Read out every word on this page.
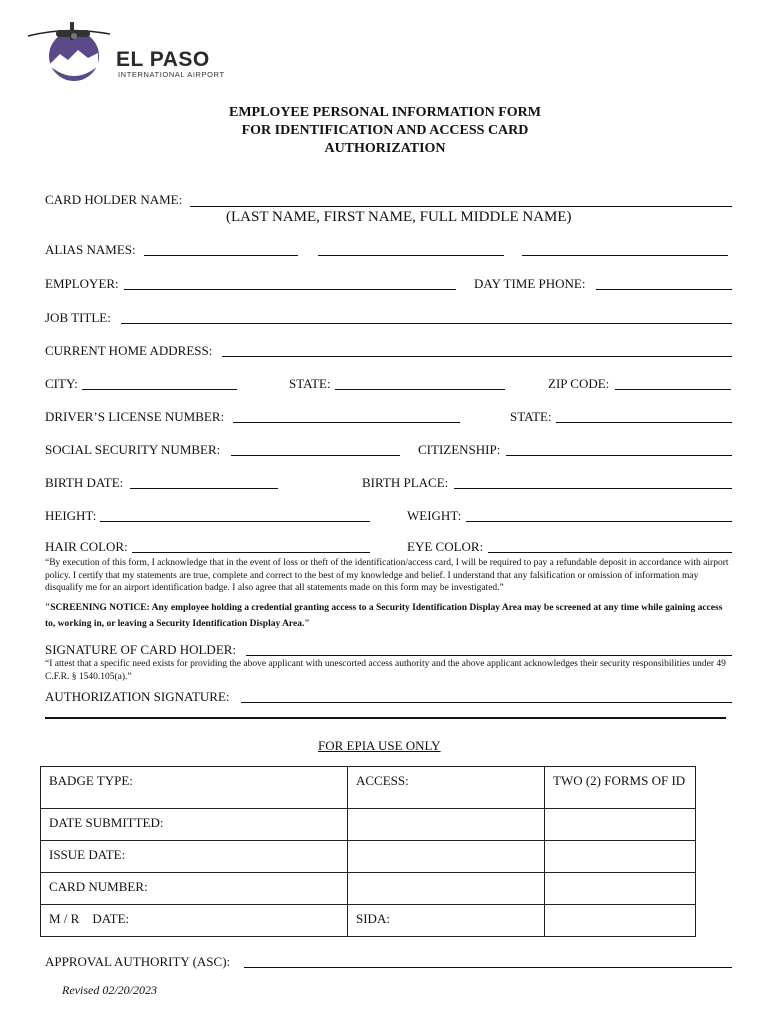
EL PASO
INTERNATIONAL AIRPORT
EMPLOYEE PERSONAL INFORMATION FORM
FOR IDENTIFICATION AND ACCESS CARD
AUTHORIZATION
CARD HOLDER NAME:
(LAST NAME, FIRST NAME, FULL MIDDLE NAME)
ALIAS NAMES:
EMPLOYER:	DAY TIME PHONE:
JOB TITLE:
CURRENT HOME ADDRESS:
CITY:	STATE:	ZIP CODE:
DRIVER’S LICENSE NUMBER:	STATE:
SOCIAL SECURITY NUMBER:	CITIZENSHIP:
BIRTH DATE:	BIRTH PLACE:
HEIGHT:	WEIGHT:
HAIR COLOR:	EYE COLOR:
“By execution of this form, I acknowledge that in the event of loss or theft of the identification/access card, I will be required to pay a refundable deposit in accordance with airport policy. I certify that my statements are true, complete and correct to the best of my knowledge and belief. I understand that any falsification or omission of information may disqualify me for an airport identification badge. I also agree that all statements made on this form may be investigated.”
"SCREENING NOTICE: Any employee holding a credential granting access to a Security Identification Display Area may be screened at any time while gaining access to, working in, or leaving a Security Identification Display Area."
SIGNATURE OF CARD HOLDER:
“I attest that a specific need exists for providing the above applicant with unescorted access authority and the above applicant acknowledges their security responsibilities under 49 C.F.R. § 1540.105(a).”
AUTHORIZATION SIGNATURE:
FOR EPIA USE ONLY
BADGE TYPE:	ACCESS:	TWO (2) FORMS OF ID
DATE SUBMITTED:		
ISSUE DATE:		
CARD NUMBER:		
M / R    DATE:	SIDA:	
APPROVAL AUTHORITY (ASC):
Revised 02/20/2023
